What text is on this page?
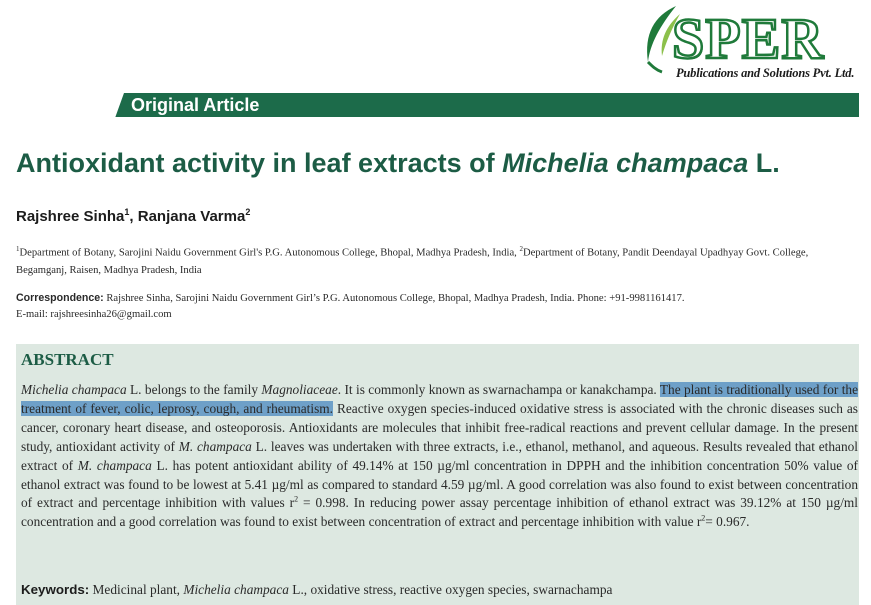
SPER
Publications and Solutions Pvt. Ltd.
Original Article
Antioxidant activity in leaf extracts of Michelia champaca L.
Rajshree Sinha$^1$, Ranjana Varma$^2$
$^1$Department of Botany, Sarojini Naidu Government Girl's P.G. Autonomous College, Bhopal, Madhya Pradesh, India, $^2$Department of Botany, Pandit Deendayal Upadhyay Govt. College, Begamganj, Raisen, Madhya Pradesh, India
Correspondence: Rajshree Sinha, Sarojini Naidu Government Girl’s P.G. Autonomous College, Bhopal, Madhya Pradesh, India. Phone: +91-9981161417.
E-mail: rajshreesinha26@gmail.com
ABSTRACT
Michelia champaca L. belongs to the family Magnoliaceae. It is commonly known as swarnachampa or kanakchampa. The plant is traditionally used for the treatment of fever, colic, leprosy, cough, and rheumatism. Reactive oxygen species-induced oxidative stress is associated with the chronic diseases such as cancer, coronary heart disease, and osteoporosis. Antioxidants are molecules that inhibit free-radical reactions and prevent cellular damage. In the present study, antioxidant activity of M. champaca L. leaves was undertaken with three extracts, i.e., ethanol, methanol, and aqueous. Results revealed that ethanol extract of M. champaca L. has potent antioxidant ability of 49.14% at 150 µg/ml concentration in DPPH and the inhibition concentration 50% value of ethanol extract was found to be lowest at 5.41 µg/ml as compared to standard 4.59 µg/ml. A good correlation was also found to exist between concentration of extract and percentage inhibition with values $r^2 = 0.998$. In reducing power assay percentage inhibition of ethanol extract was 39.12% at 150 µg/ml concentration and a good correlation was found to exist between concentration of extract and percentage inhibition with value $r^2= 0.967$.
Keywords: Medicinal plant, Michelia champaca L., oxidative stress, reactive oxygen species, swarnachampa
